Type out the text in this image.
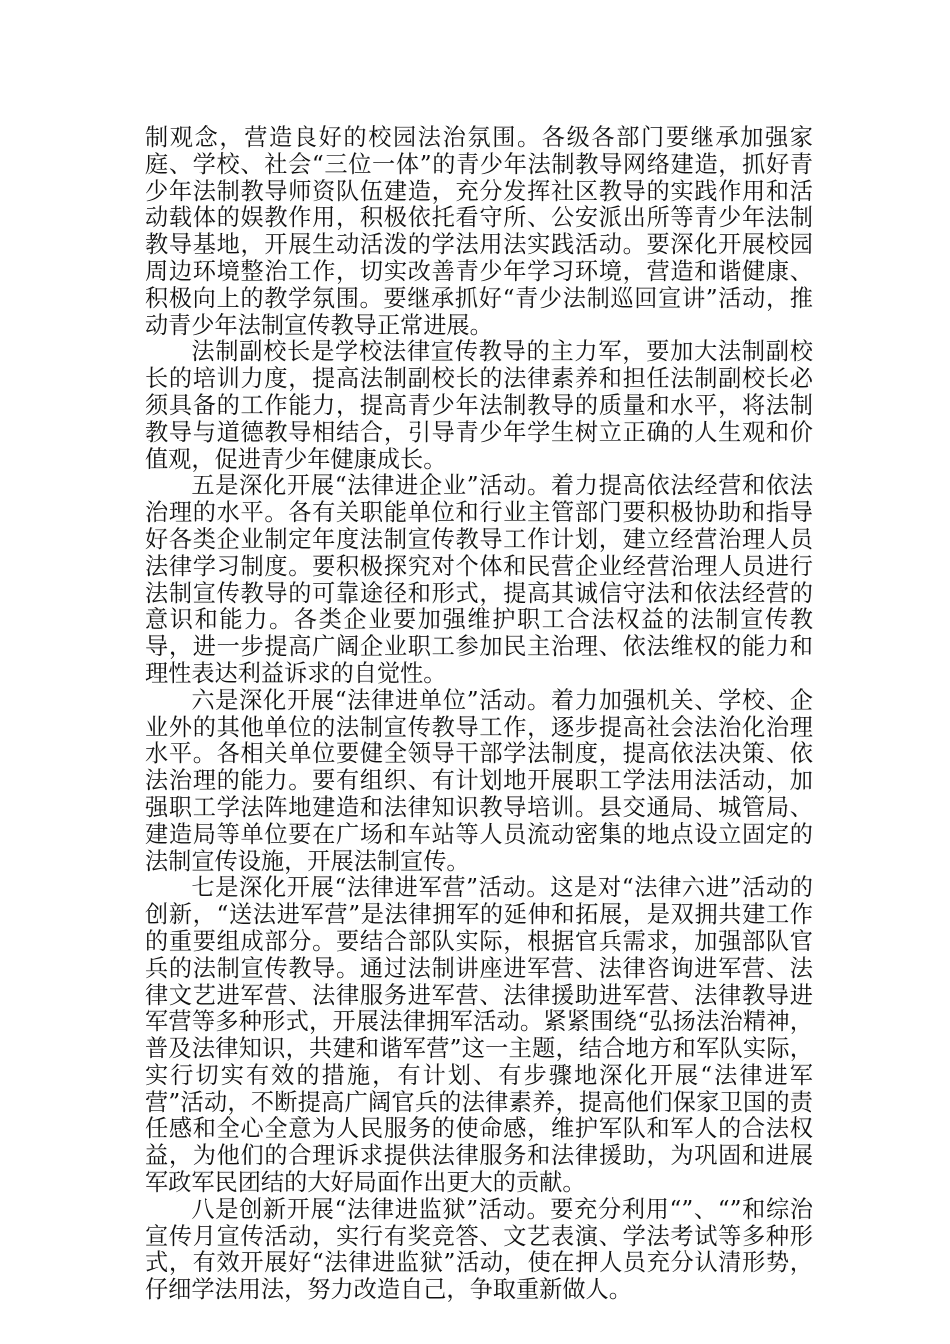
制观念，营造良好的校园法治氛围。各级各部门要继承加强家庭、学校、社会“三位一体”的青少年法制教导网络建造，抓好青少年法制教导师资队伍建造，充分发挥社区教导的实践作用和活动载体的娱教作用，积极依托看守所、公安派出所等青少年法制教导基地，开展生动活泼的学法用法实践活动。要深化开展校园周边环境整治工作，切实改善青少年学习环境，营造和谐健康、积极向上的教学氛围。要继承抓好“青少法制巡回宣讲”活动，推动青少年法制宣传教导正常进展。

法制副校长是学校法律宣传教导的主力军，要加大法制副校长的培训力度，提高法制副校长的法律素养和担任法制副校长必须具备的工作能力，提高青少年法制教导的质量和水平，将法制教导与道德教导相结合，引导青少年学生树立正确的人生观和价值观，促进青少年健康成长。

五是深化开展“法律进企业”活动。着力提高依法经营和依法治理的水平。各有关职能单位和行业主管部门要积极协助和指导好各类企业制定年度法制宣传教导工作计划，建立经营治理人员法律学习制度。要积极探究对个体和民营企业经营治理人员进行法制宣传教导的可靠途径和形式，提高其诚信守法和依法经营的意识和能力。各类企业要加强维护职工合法权益的法制宣传教导，进一步提高广阔企业职工参加民主治理、依法维权的能力和理性表达利益诉求的自觉性。

六是深化开展“法律进单位”活动。着力加强机关、学校、企业外的其他单位的法制宣传教导工作，逐步提高社会法治化治理水平。各相关单位要健全领导干部学法制度，提高依法决策、依法治理的能力。要有组织、有计划地开展职工学法用法活动，加强职工学法阵地建造和法律知识教导培训。县交通局、城管局、建造局等单位要在广场和车站等人员流动密集的地点设立固定的法制宣传设施，开展法制宣传。

七是深化开展“法律进军营”活动。这是对“法律六进”活动的创新，“送法进军营”是法律拥军的延伸和拓展，是双拥共建工作的重要组成部分。要结合部队实际，根据官兵需求，加强部队官兵的法制宣传教导。通过法制讲座进军营、法律咨询进军营、法律文艺进军营、法律服务进军营、法律援助进军营、法律教导进军营等多种形式，开展法律拥军活动。紧紧围绕“弘扬法治精神，普及法律知识，共建和谐军营”这一主题，结合地方和军队实际，实行切实有效的措施，有计划、有步骤地深化开展“法律进军营”活动，不断提高广阔官兵的法律素养，提高他们保家卫国的责任感和全心全意为人民服务的使命感，维护军队和军人的合法权益，为他们的合理诉求提供法律服务和法律援助，为巩固和进展军政军民团结的大好局面作出更大的贡献。

八是创新开展“法律进监狱”活动。要充分利用“”、“”和综治宣传月宣传活动，实行有奖竞答、文艺表演、学法考试等多种形式，有效开展好“法律进监狱”活动，使在押人员充分认清形势，仔细学法用法，努力改造自己，争取重新做人。
